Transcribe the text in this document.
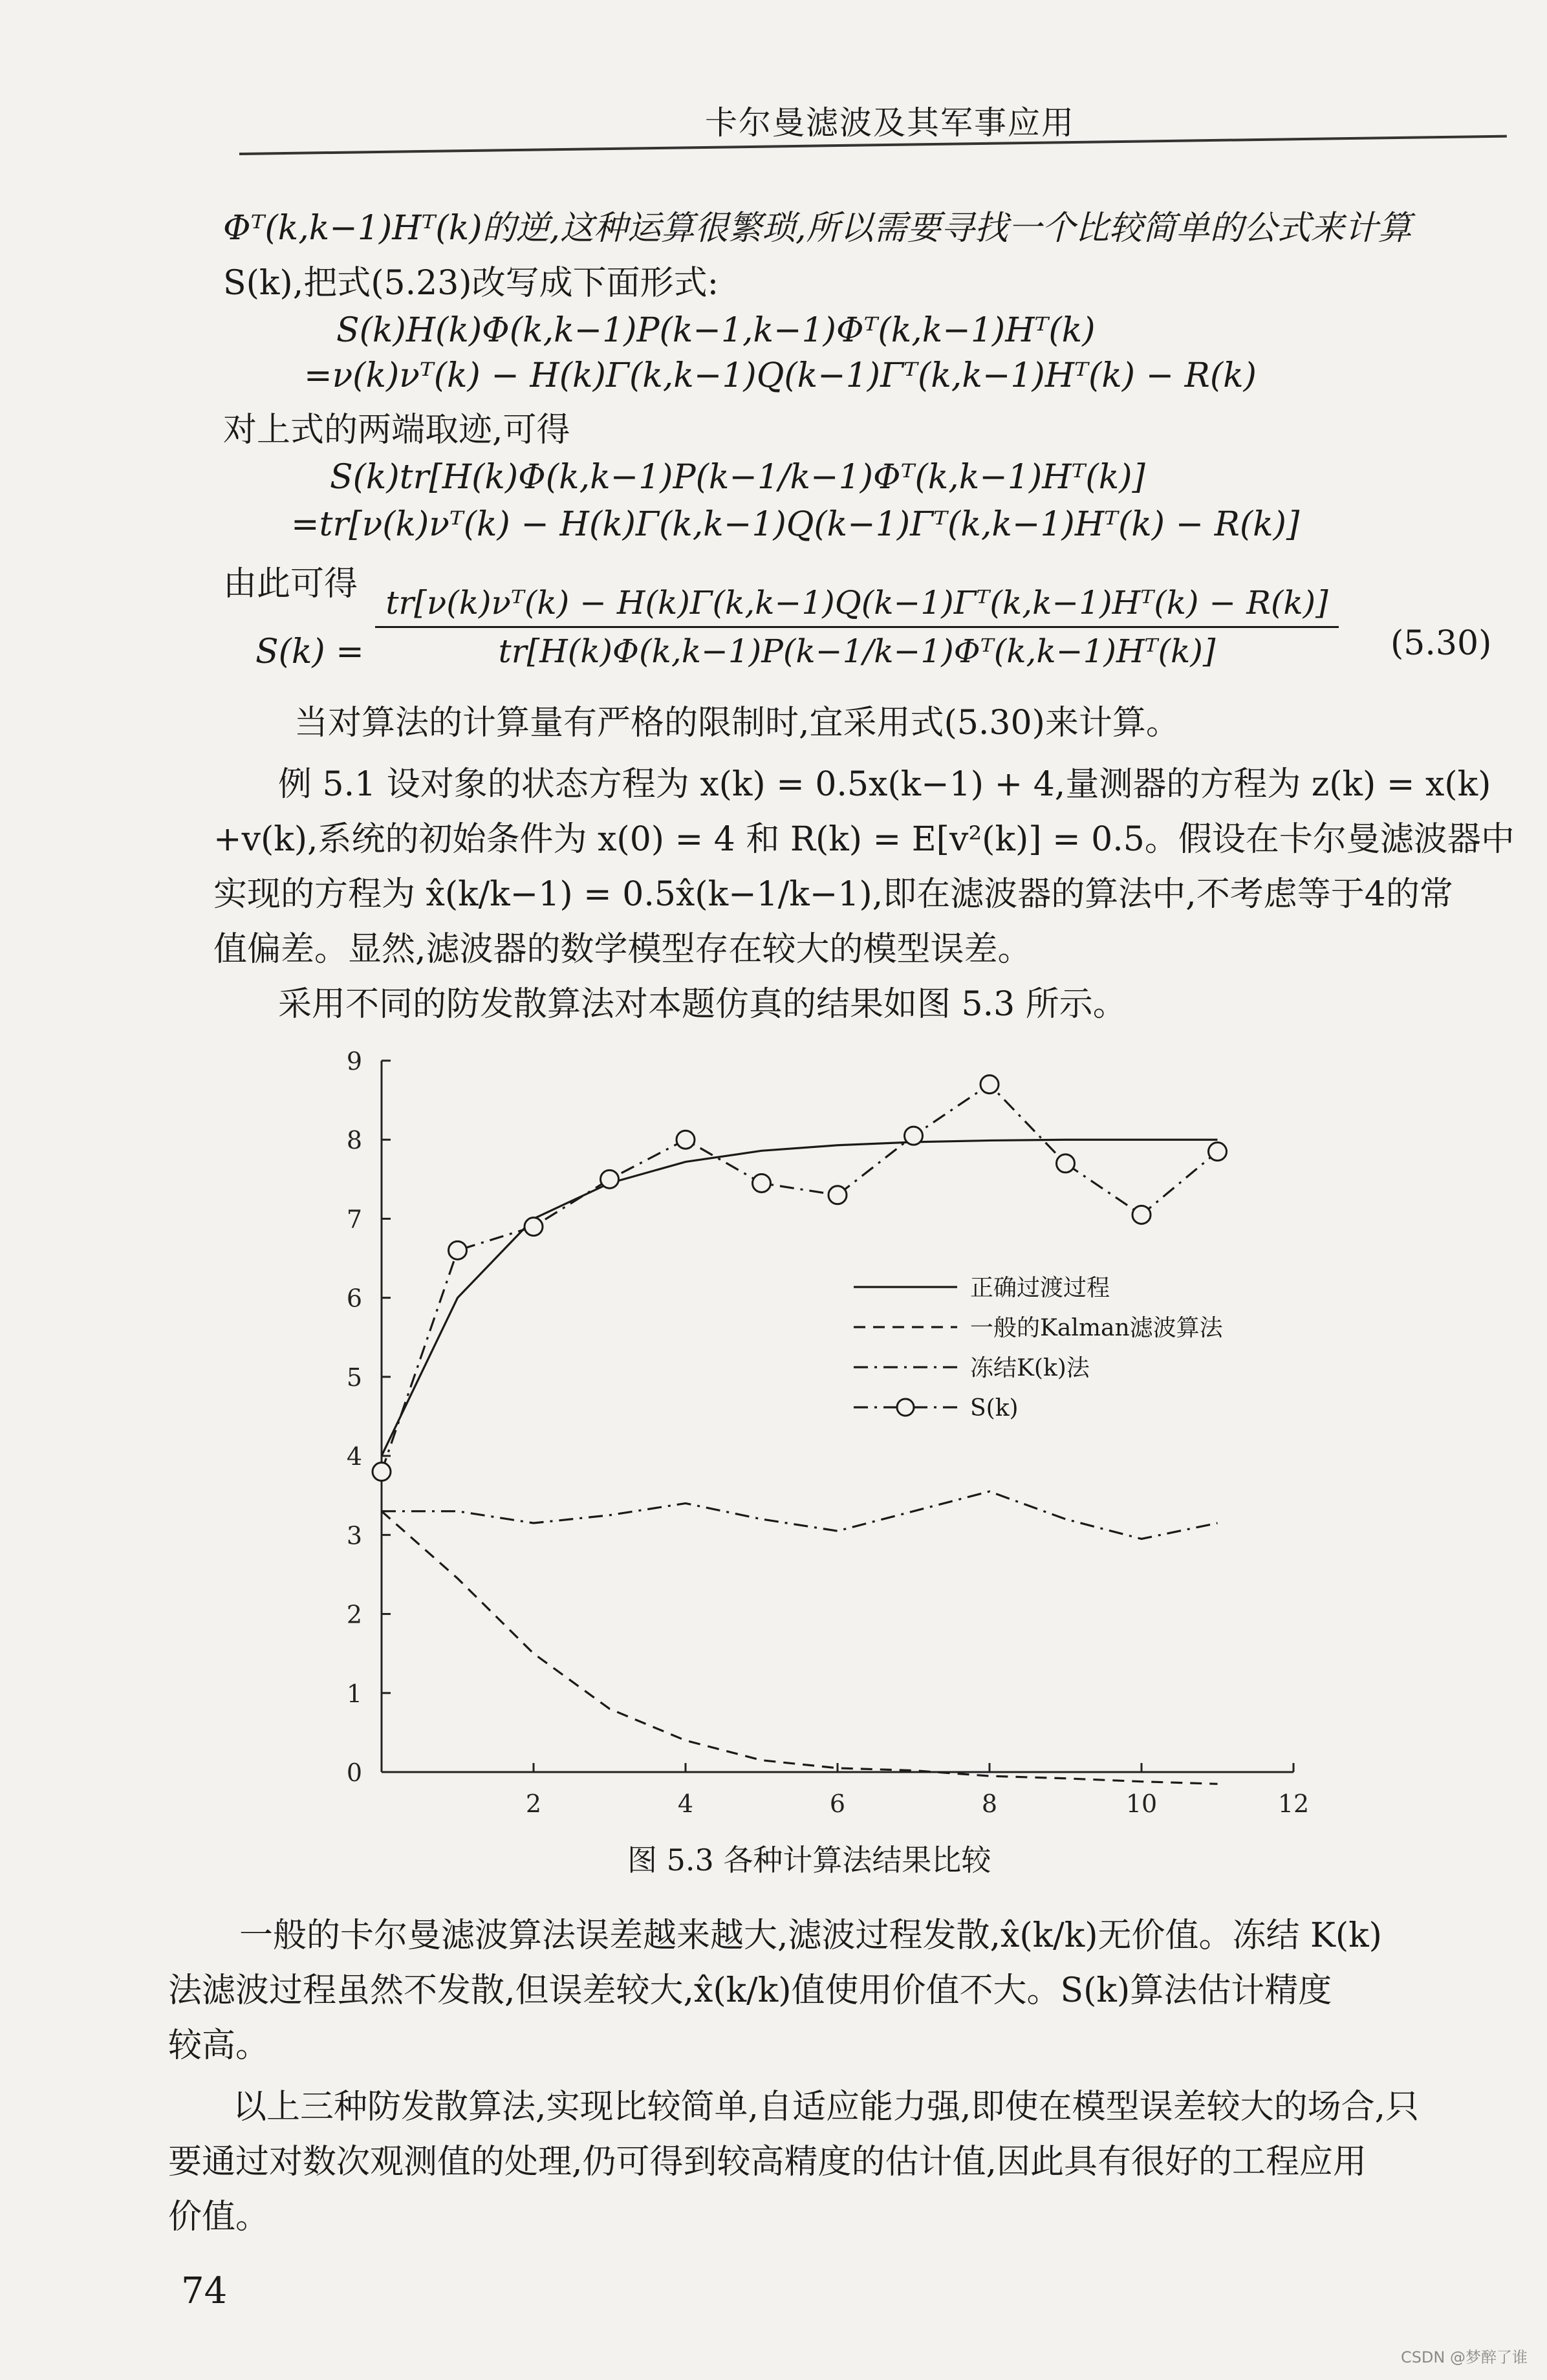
卡尔曼滤波及其军事应用
Φᵀ(k,k−1)Hᵀ(k)的逆,这种运算很繁琐,所以需要寻找一个比较简单的公式来计算
S(k),把式(5.23)改写成下面形式:
S(k)H(k)Φ(k,k−1)P(k−1,k−1)Φᵀ(k,k−1)Hᵀ(k)
=ν(k)νᵀ(k) − H(k)Γ(k,k−1)Q(k−1)Γᵀ(k,k−1)Hᵀ(k) − R(k)
对上式的两端取迹,可得
S(k)tr[H(k)Φ(k,k−1)P(k−1/k−1)Φᵀ(k,k−1)Hᵀ(k)]
=tr[ν(k)νᵀ(k) − H(k)Γ(k,k−1)Q(k−1)Γᵀ(k,k−1)Hᵀ(k) − R(k)]
由此可得
S(k) =
tr[ν(k)νᵀ(k) − H(k)Γ(k,k−1)Q(k−1)Γᵀ(k,k−1)Hᵀ(k) − R(k)]
tr[H(k)Φ(k,k−1)P(k−1/k−1)Φᵀ(k,k−1)Hᵀ(k)]	(5.30)
当对算法的计算量有严格的限制时,宜采用式(5.30)来计算。
例 5.1 设对象的状态方程为 x(k) = 0.5x(k−1) + 4,量测器的方程为 z(k) = x(k)
+v(k),系统的初始条件为 x(0) = 4 和 R(k) = E[v²(k)] = 0.5。假设在卡尔曼滤波器中
实现的方程为 x̂(k/k−1) = 0.5x̂(k−1/k−1),即在滤波器的算法中,不考虑等于4的常
值偏差。显然,滤波器的数学模型存在较大的模型误差。
采用不同的防发散算法对本题仿真的结果如图 5.3 所示。
0
1
2
3
4
5
6
7
8
9
2	4	6	8	10	12
正确过渡过程
一般的Kalman滤波算法
冻结K(k)法
S(k)
图 5.3 各种计算法结果比较
一般的卡尔曼滤波算法误差越来越大,滤波过程发散,x̂(k/k)无价值。冻结 K(k)
法滤波过程虽然不发散,但误差较大,x̂(k/k)值使用价值不大。S(k)算法估计精度
较高。
以上三种防发散算法,实现比较简单,自适应能力强,即使在模型误差较大的场合,只
要通过对数次观测值的处理,仍可得到较高精度的估计值,因此具有很好的工程应用
价值。
74
CSDN @梦醉了谁
